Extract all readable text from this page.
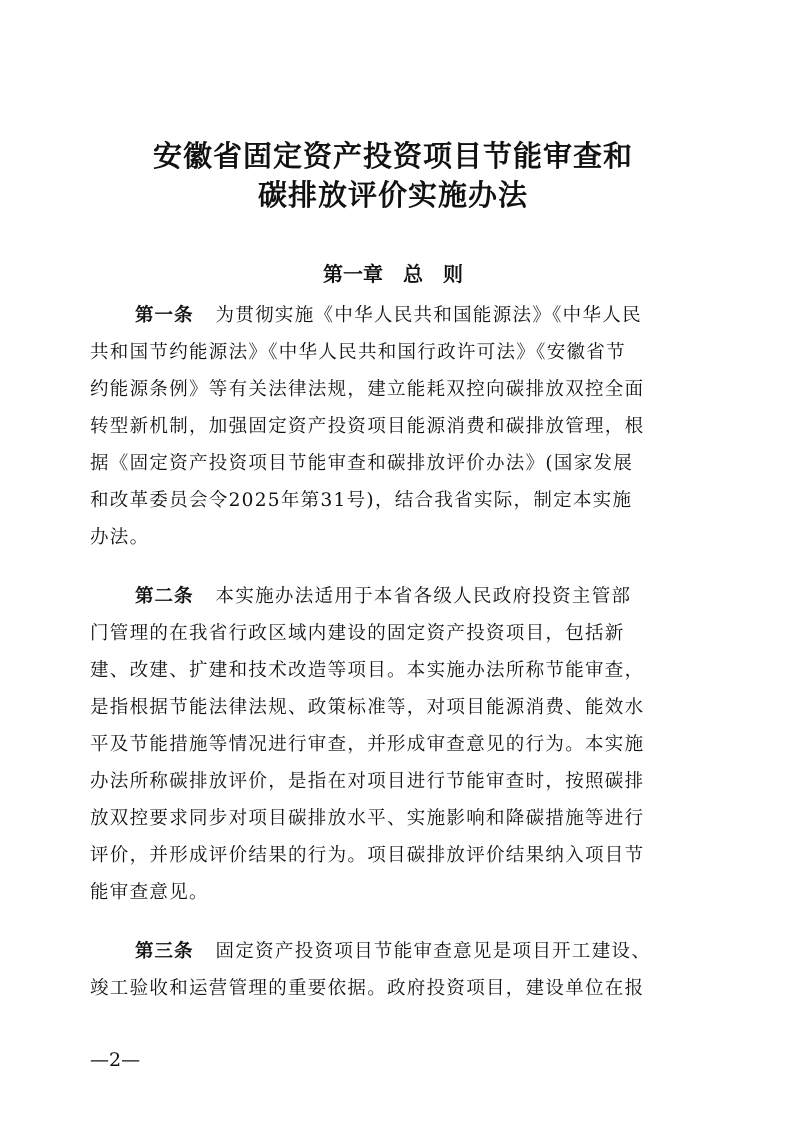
安徽省固定资产投资项目节能审查和
碳排放评价实施办法
第一章　总　则
第一条 为贯彻实施《中华人民共和国能源法》《中华人民
共和国节约能源法》《中华人民共和国行政许可法》《安徽省节
约能源条例》等有关法律法规，建立能耗双控向碳排放双控全面
转型新机制，加强固定资产投资项目能源消费和碳排放管理，根
据《固定资产投资项目节能审查和碳排放评价办法》(国家发展
和改革委员会令2025年第31号)，结合我省实际，制定本实施
办法。
第二条 本实施办法适用于本省各级人民政府投资主管部
门管理的在我省行政区域内建设的固定资产投资项目，包括新
建、改建、扩建和技术改造等项目。本实施办法所称节能审查，
是指根据节能法律法规、政策标准等，对项目能源消费、能效水
平及节能措施等情况进行审查，并形成审查意见的行为。本实施
办法所称碳排放评价，是指在对项目进行节能审查时，按照碳排
放双控要求同步对项目碳排放水平、实施影响和降碳措施等进行
评价，并形成评价结果的行为。项目碳排放评价结果纳入项目节
能审查意见。
第三条 固定资产投资项目节能审查意见是项目开工建设、
竣工验收和运营管理的重要依据。政府投资项目，建设单位在报
—2—
